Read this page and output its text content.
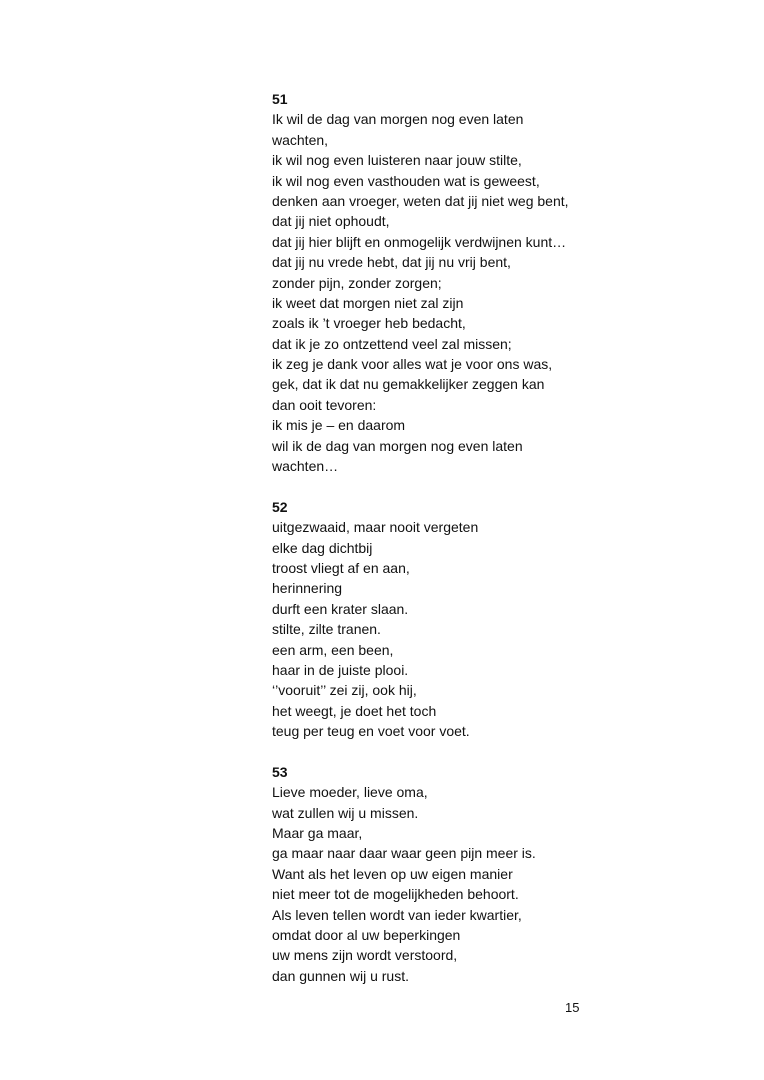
51
Ik wil de dag van morgen nog even laten
wachten,
ik wil nog even luisteren naar jouw stilte,
ik wil nog even vasthouden wat is geweest,
denken aan vroeger, weten dat jij niet weg bent,
dat jij niet ophoudt,
dat jij hier blijft en onmogelijk verdwijnen kunt…
dat jij nu vrede hebt, dat jij nu vrij bent,
zonder pijn, zonder zorgen;
ik weet dat morgen niet zal zijn
zoals ik ’t vroeger heb bedacht,
dat ik je zo ontzettend veel zal missen;
ik zeg je dank voor alles wat je voor ons was,
gek, dat ik dat nu gemakkelijker zeggen kan
dan ooit tevoren:
ik mis je – en daarom
wil ik de dag van morgen nog even laten
wachten…
52
uitgezwaaid, maar nooit vergeten
elke dag dichtbij
troost vliegt af en aan,
herinnering
durft een krater slaan.
stilte, zilte tranen.
een arm, een been,
haar in de juiste plooi.
‘’vooruit’’ zei zij, ook hij,
het weegt, je doet het toch
teug per teug en voet voor voet.
53
Lieve moeder, lieve oma,
wat zullen wij u missen.
Maar ga maar,
ga maar naar daar waar geen pijn meer is.
Want als het leven op uw eigen manier
niet meer tot de mogelijkheden behoort.
Als leven tellen wordt van ieder kwartier,
omdat door al uw beperkingen
uw mens zijn wordt verstoord,
dan gunnen wij u rust.
15
